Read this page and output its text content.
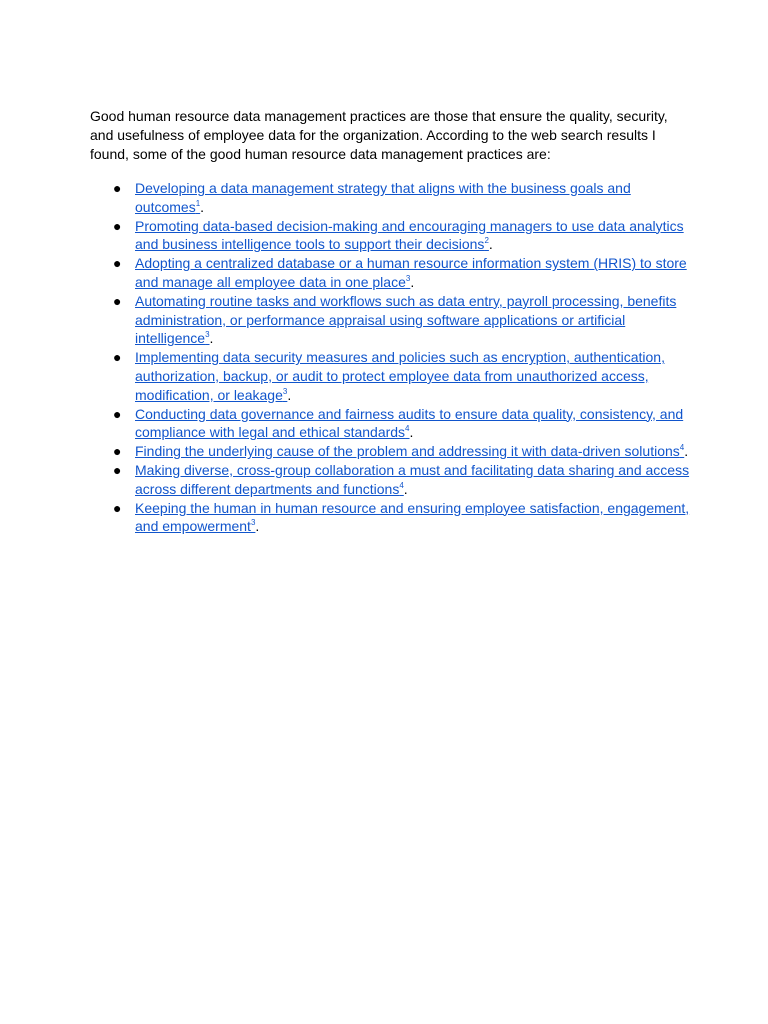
Good human resource data management practices are those that ensure the quality, security, and usefulness of employee data for the organization. According to the web search results I found, some of the good human resource data management practices are:

● Developing a data management strategy that aligns with the business goals and outcomes$^1$.
● Promoting data-based decision-making and encouraging managers to use data analytics and business intelligence tools to support their decisions$^2$.
● Adopting a centralized database or a human resource information system (HRIS) to store and manage all employee data in one place$^3$.
● Automating routine tasks and workflows such as data entry, payroll processing, benefits administration, or performance appraisal using software applications or artificial intelligence$^3$.
● Implementing data security measures and policies such as encryption, authentication, authorization, backup, or audit to protect employee data from unauthorized access, modification, or leakage$^3$.
● Conducting data governance and fairness audits to ensure data quality, consistency, and compliance with legal and ethical standards$^4$.
● Finding the underlying cause of the problem and addressing it with data-driven solutions$^4$.
● Making diverse, cross-group collaboration a must and facilitating data sharing and access across different departments and functions$^4$.
● Keeping the human in human resource and ensuring employee satisfaction, engagement, and empowerment$^3$.
